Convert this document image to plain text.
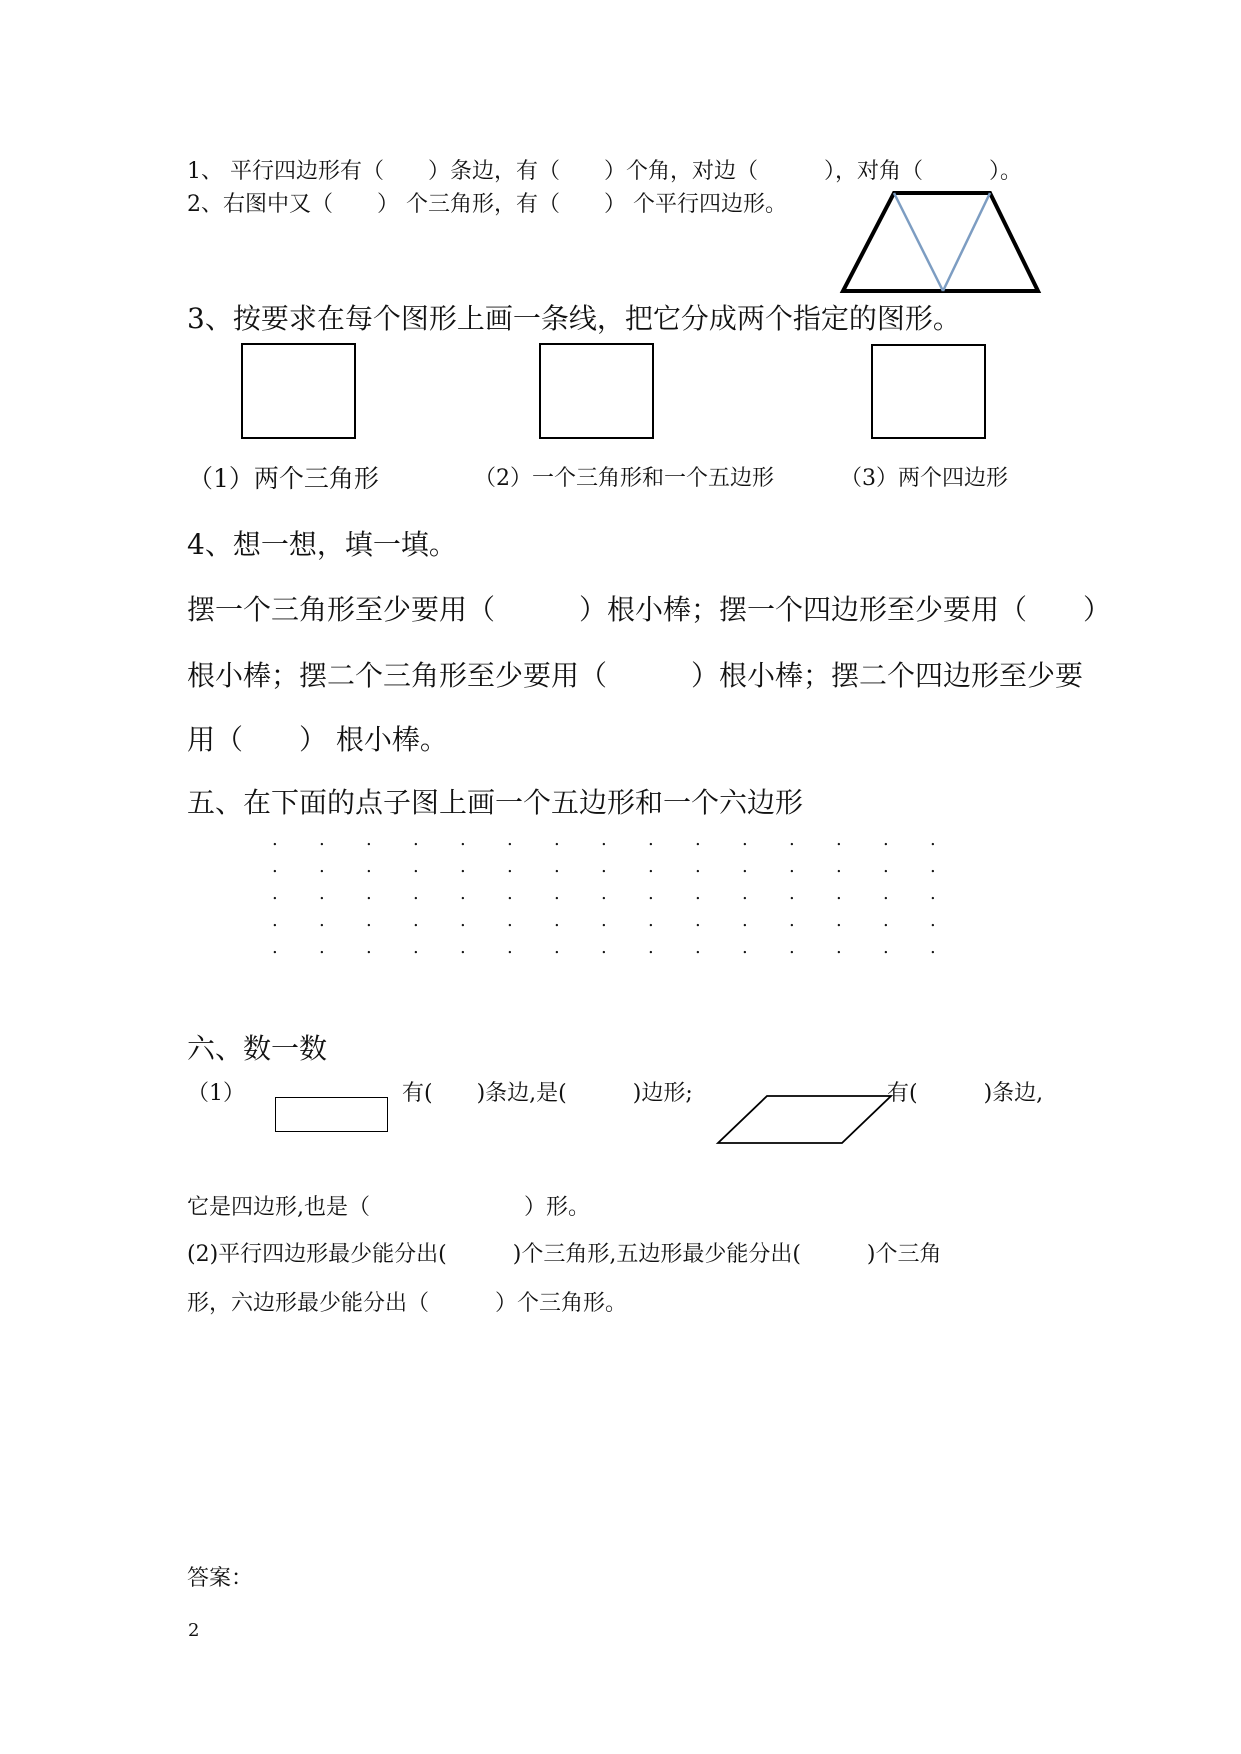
1、 平行四边形有（　　）条边，有（　　）个角，对边（　　　），对角（　　　）。
2、右图中又（　　） 个三角形，有（　　） 个平行四边形。
3、按要求在每个图形上画一条线，把它分成两个指定的图形。
（1）两个三角形	（2）一个三角形和一个五边形	（3）两个四边形
4、想一想，填一填。
摆一个三角形至少要用（　　　）根小棒；摆一个四边形至少要用（　　）
根小棒；摆二个三角形至少要用（　　　）根小棒；摆二个四边形至少要
用（　　） 根小棒。
五、在下面的点子图上画一个五边形和一个六边形
. . . . . . . . . . . . . . .
. . . . . . . . . . . . . . .
. . . . . . . . . . . . . . .
. . . . . . . . . . . . . . .
. . . . . . . . . . . . . . .
六、数一数
（1）	有(　　)条边,是(　　　)边形;	有(　　　)条边,
它是四边形,也是（　　　　　　　）形。
(2)平行四边形最少能分出(　　　)个三角形,五边形最少能分出(　　　)个三角
形，六边形最少能分出（　　　）个三角形。
答案：
2
